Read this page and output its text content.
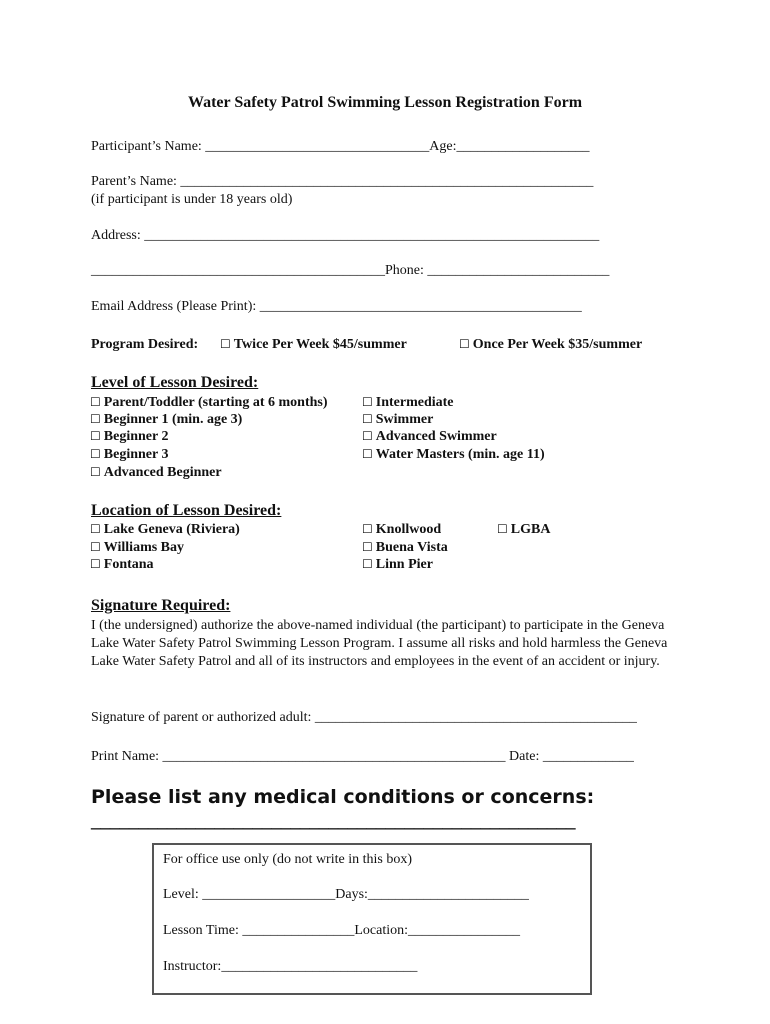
Water Safety Patrol Swimming Lesson Registration Form
Participant’s Name: ________________________________Age:___________________
Parent’s Name: ___________________________________________________________
(if participant is under 18 years old)
Address: _________________________________________________________________
__________________________________________Phone: __________________________
Email Address (Please Print): ______________________________________________
Program Desired: ☐ Twice Per Week $45/summer	☐ Once Per Week $35/summer
Level of Lesson Desired:
☐ Parent/Toddler (starting at 6 months)
☐ Beginner 1 (min. age 3)
☐ Beginner 2
☐ Beginner 3
☐ Advanced Beginner
☐ Intermediate
☐ Swimmer
☐ Advanced Swimmer
☐ Water Masters (min. age 11)
Location of Lesson Desired:
☐ Lake Geneva (Riviera)
☐ Williams Bay
☐ Fontana
☐ Knollwood
☐ Buena Vista
☐ Linn Pier
☐ LGBA
Signature Required:
I (the undersigned) authorize the above-named individual (the participant) to participate in the Geneva Lake Water Safety Patrol Swimming Lesson Program. I assume all risks and hold harmless the Geneva Lake Water Safety Patrol and all of its instructors and employees in the event of an accident or injury.
Signature of parent or authorized adult: ______________________________________________
Print Name: _________________________________________________ Date: _____________
Please list any medical conditions or concerns:
___________________________________________________
For office use only (do not write in this box)
Level: ___________________Days:_______________________
Lesson Time: ________________Location:________________
Instructor:____________________________
